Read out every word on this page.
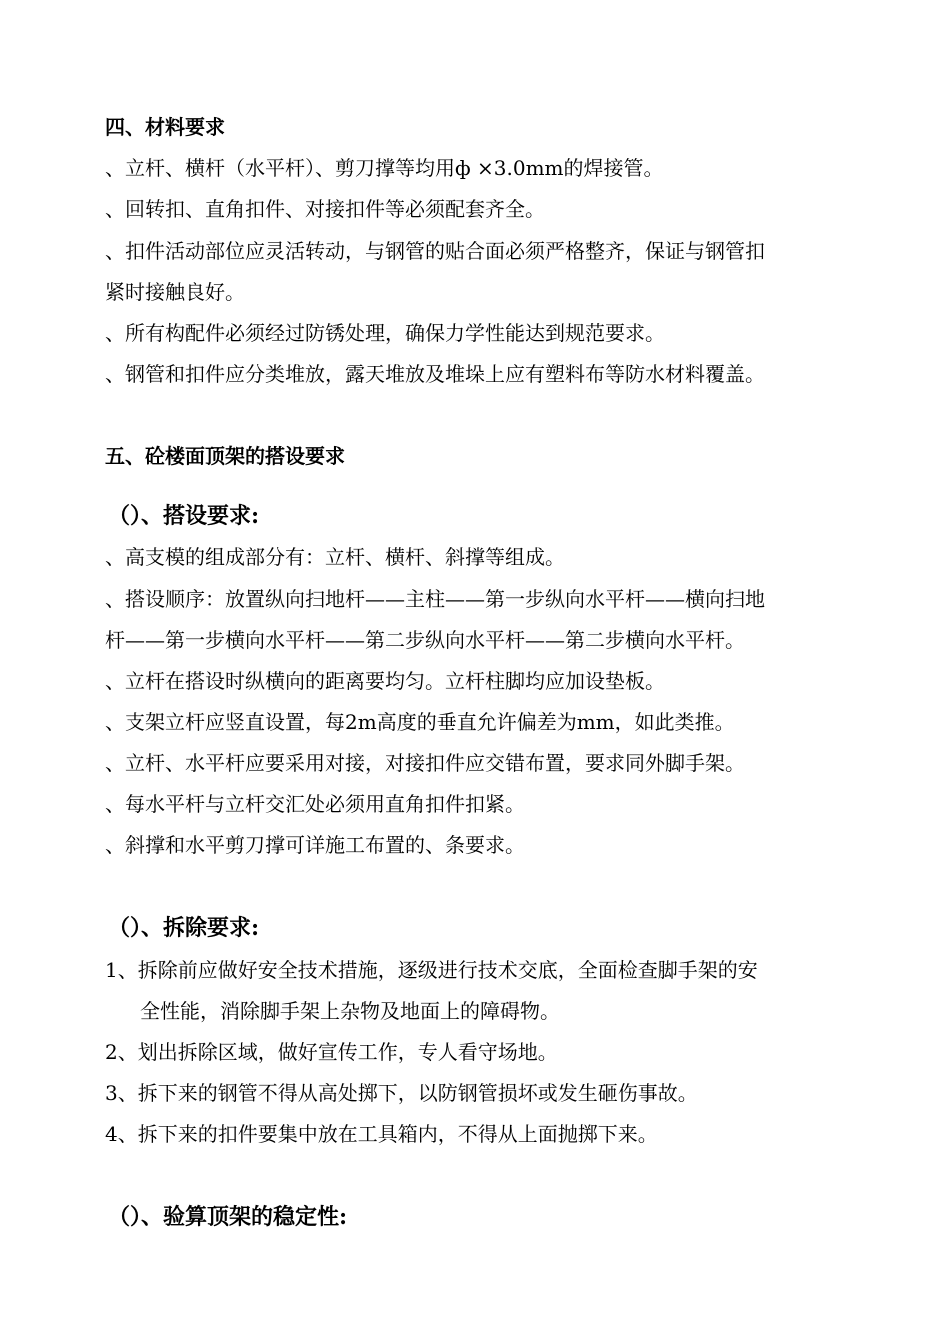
四、材料要求
、立杆、横杆（水平杆）、剪刀撑等均用ф ×3.0mm的焊接管。
、回转扣、直角扣件、对接扣件等必须配套齐全。
、扣件活动部位应灵活转动，与钢管的贴合面必须严格整齐，保证与钢管扣
紧时接触良好。
、所有构配件必须经过防锈处理，确保力学性能达到规范要求。
、钢管和扣件应分类堆放，露天堆放及堆垛上应有塑料布等防水材料覆盖。
五、砼楼面顶架的搭设要求
（）、搭设要求:
、高支模的组成部分有：立杆、横杆、斜撑等组成。
、搭设顺序：放置纵向扫地杆——主柱——第一步纵向水平杆——横向扫地
杆——第一步横向水平杆——第二步纵向水平杆——第二步横向水平杆。
、立杆在搭设时纵横向的距离要均匀。立杆柱脚均应加设垫板。
、支架立杆应竖直设置，每2m高度的垂直允许偏差为mm，如此类推。
、立杆、水平杆应要采用对接，对接扣件应交错布置，要求同外脚手架。
、每水平杆与立杆交汇处必须用直角扣件扣紧。
、斜撑和水平剪刀撑可详施工布置的、条要求。
（）、拆除要求:
1、拆除前应做好安全技术措施，逐级进行技术交底，全面检查脚手架的安
全性能，消除脚手架上杂物及地面上的障碍物。
2、划出拆除区域，做好宣传工作，专人看守场地。
3、拆下来的钢管不得从高处掷下，以防钢管损坏或发生砸伤事故。
4、拆下来的扣件要集中放在工具箱内，不得从上面抛掷下来。
（）、验算顶架的稳定性:
